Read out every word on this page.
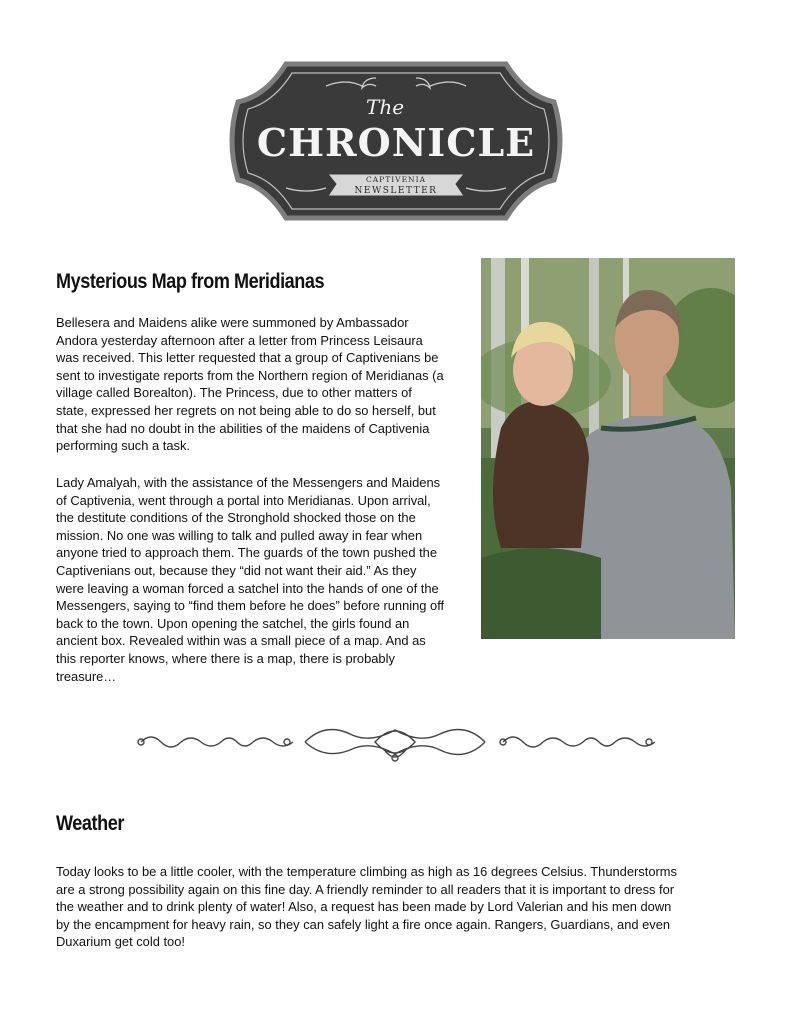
The
CHRONICLE
CAPTIVENIA
NEWSLETTER
Mysterious Map from Meridianas

Bellesera and Maidens alike were summoned by Ambassador Andora yesterday afternoon after a letter from Princess Leisaura was received. This letter requested that a group of Captivenians be sent to investigate reports from the Northern region of Meridianas (a village called Borealton). The Princess, due to other matters of state, expressed her regrets on not being able to do so herself, but that she had no doubt in the abilities of the maidens of Captivenia performing such a task.

Lady Amalyah, with the assistance of the Messengers and Maidens of Captivenia, went through a portal into Meridianas. Upon arrival, the destitute conditions of the Stronghold shocked those on the mission. No one was willing to talk and pulled away in fear when anyone tried to approach them. The guards of the town pushed the Captivenians out, because they “did not want their aid.” As they were leaving a woman forced a satchel into the hands of one of the Messengers, saying to “find them before he does” before running off back to the town. Upon opening the satchel, the girls found an ancient box. Revealed within was a small piece of a map. And as this reporter knows, where there is a map, there is probably treasure…

Weather

Today looks to be a little cooler, with the temperature climbing as high as 16 degrees Celsius. Thunderstorms are a strong possibility again on this fine day. A friendly reminder to all readers that it is important to dress for the weather and to drink plenty of water! Also, a request has been made by Lord Valerian and his men down by the encampment for heavy rain, so they can safely light a fire once again. Rangers, Guardians, and even Duxarium get cold too!
